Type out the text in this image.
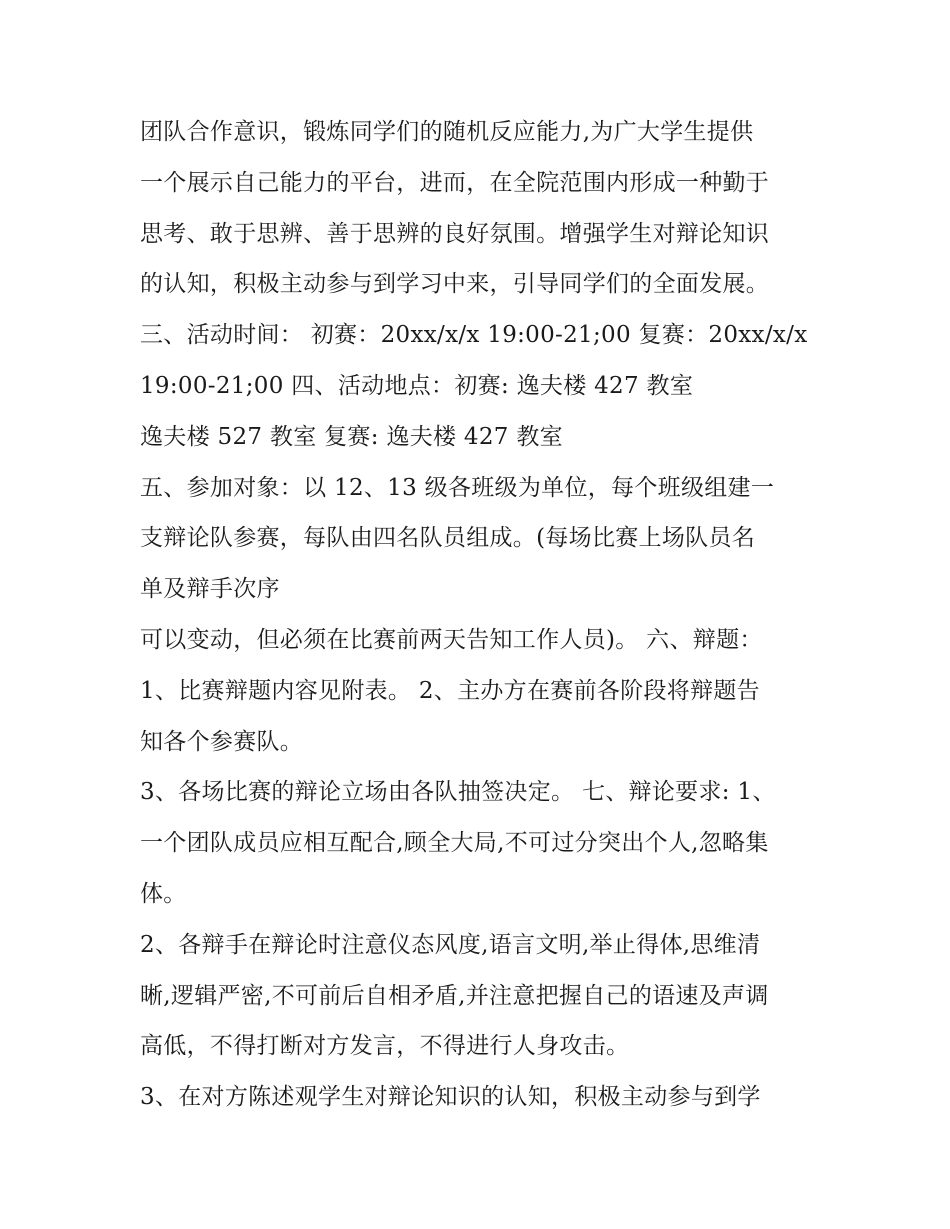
团队合作意识，锻炼同学们的随机反应能力,为广大学生提供
一个展示自己能力的平台，进而，在全院范围内形成一种勤于
思考、敢于思辨、善于思辨的良好氛围。增强学生对辩论知识
的认知，积极主动参与到学习中来，引导同学们的全面发展。
三、活动时间： 初赛：20xx/x/x 19:00-21;00 复赛：20xx/x/x
19:00-21;00 四、活动地点：初赛: 逸夫楼 427 教室
逸夫楼 527 教室 复赛: 逸夫楼 427 教室
五、参加对象：以 12、13 级各班级为单位，每个班级组建一
支辩论队参赛，每队由四名队员组成。(每场比赛上场队员名
单及辩手次序
可以变动，但必须在比赛前两天告知工作人员)。 六、辩题：
1、比赛辩题内容见附表。 2、主办方在赛前各阶段将辩题告
知各个参赛队。
3、各场比赛的辩论立场由各队抽签决定。 七、辩论要求: 1、
一个团队成员应相互配合,顾全大局,不可过分突出个人,忽略集
体。
2、各辩手在辩论时注意仪态风度,语言文明,举止得体,思维清
晰,逻辑严密,不可前后自相矛盾,并注意把握自己的语速及声调
高低，不得打断对方发言，不得进行人身攻击。
3、在对方陈述观学生对辩论知识的认知，积极主动参与到学
